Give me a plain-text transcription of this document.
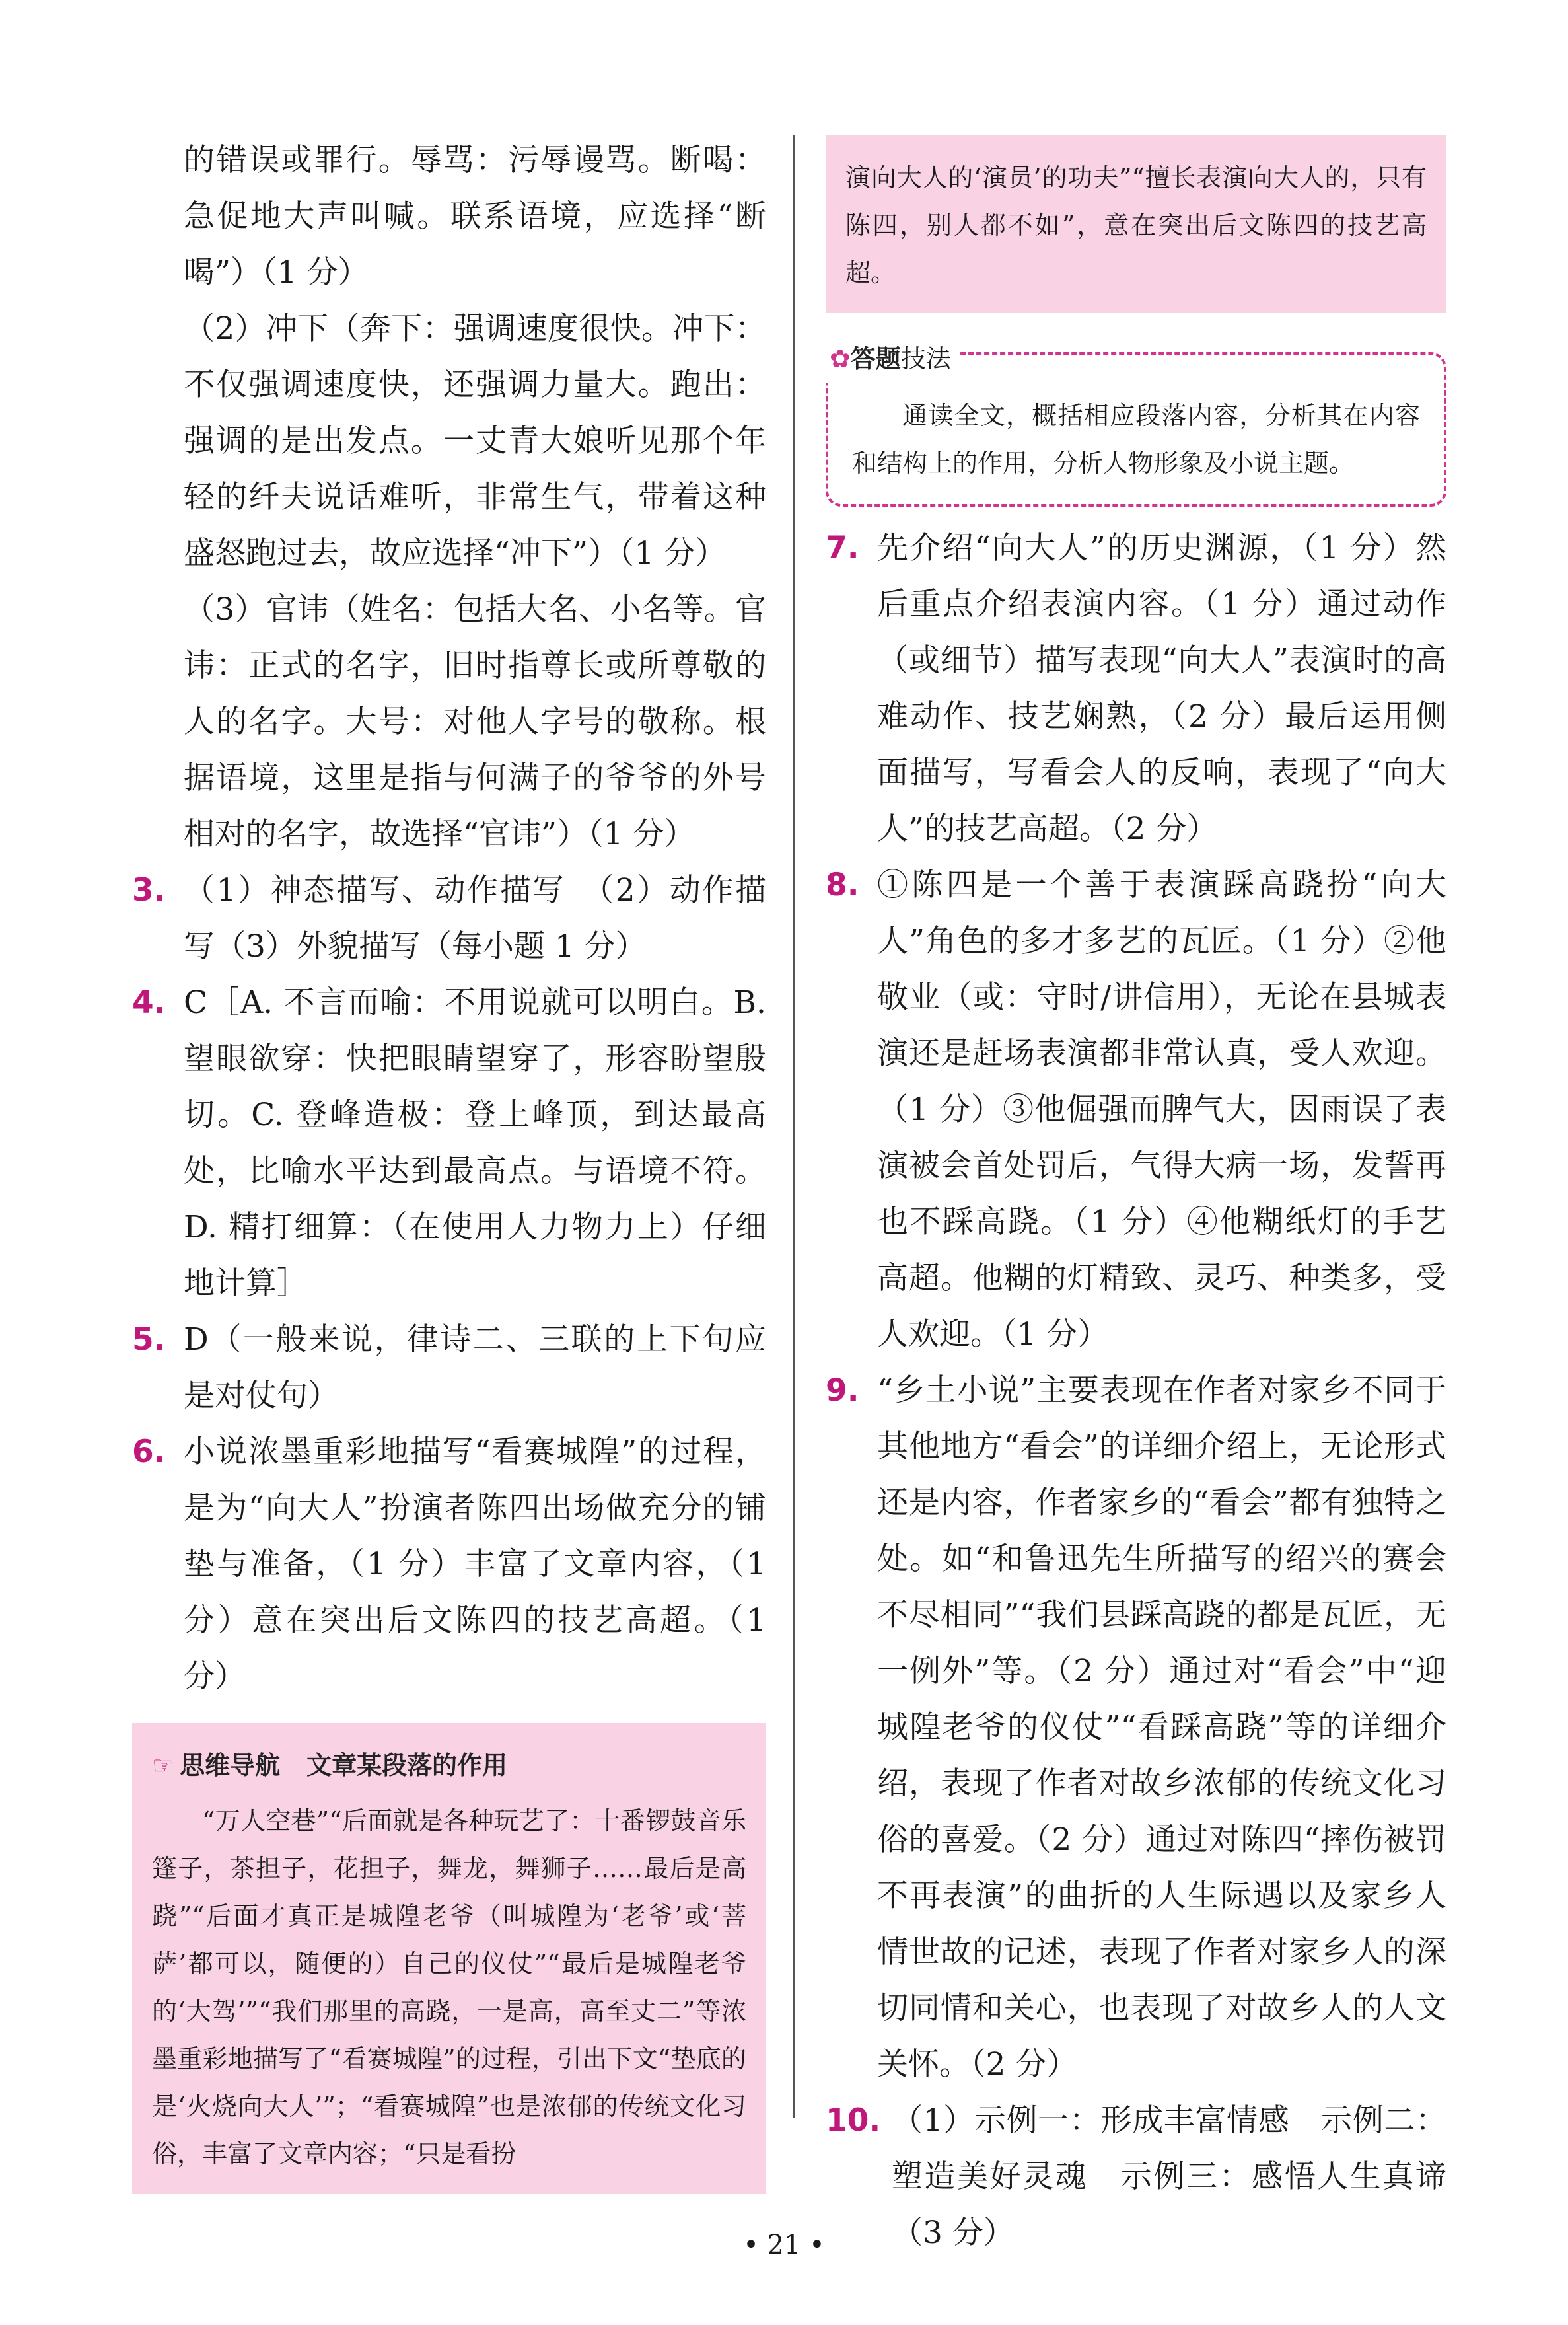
的错误或罪行。辱骂：污辱谩骂。断喝：急促地大声叫喊。联系语境，应选择“断喝”）（1 分）

（2）冲下（奔下：强调速度很快。冲下：不仅强调速度快，还强调力量大。跑出：强调的是出发点。一丈青大娘听见那个年轻的纤夫说话难听，非常生气，带着这种盛怒跑过去，故应选择“冲下”）（1 分）

（3）官讳（姓名：包括大名、小名等。官讳：正式的名字，旧时指尊长或所尊敬的人的名字。大号：对他人字号的敬称。根据语境，这里是指与何满子的爷爷的外号相对的名字，故选择“官讳”）（1 分）

3. （1）神态描写、动作描写　（2）动作描写（3）外貌描写（每小题 1 分）
4. C［A. 不言而喻：不用说就可以明白。B. 望眼欲穿：快把眼睛望穿了，形容盼望殷切。C. 登峰造极：登上峰顶，到达最高处，比喻水平达到最高点。与语境不符。D. 精打细算：（在使用人力物力上）仔细地计算］
5. D（一般来说，律诗二、三联的上下句应是对仗句）
6. 小说浓墨重彩地描写“看赛城隍”的过程，是为“向大人”扮演者陈四出场做充分的铺垫与准备，（1 分）丰富了文章内容，（1 分）意在突出后文陈四的技艺高超。（1 分）
☞ 思维导航 文章某段落的作用

“万人空巷”“后面就是各种玩艺了：十番锣鼓音乐篷子，茶担子，花担子，舞龙，舞狮子……最后是高跷”“后面才真正是城隍老爷（叫城隍为‘老爷’或‘菩萨’都可以，随便的）自己的仪仗”“最后是城隍老爷的‘大驾’”“我们那里的高跷，一是高，高至丈二”等浓墨重彩地描写了“看赛城隍”的过程，引出下文“垫底的是‘火烧向大人’”；“看赛城隍”也是浓郁的传统文化习俗，丰富了文章内容；“只是看扮

演向大人的‘演员’的功夫”“擅长表演向大人的，只有陈四，别人都不如”，意在突出后文陈四的技艺高超。

✿答题技法

通读全文，概括相应段落内容，分析其在内容和结构上的作用，分析人物形象及小说主题。

7. 先介绍“向大人”的历史渊源，（1 分）然后重点介绍表演内容。（1 分）通过动作（或细节）描写表现“向大人”表演时的高难动作、技艺娴熟，（2 分）最后运用侧面描写，写看会人的反响，表现了“向大人”的技艺高超。（2 分）
8. ①陈四是一个善于表演踩高跷扮“向大人”角色的多才多艺的瓦匠。（1 分）②他敬业（或：守时/讲信用），无论在县城表演还是赶场表演都非常认真，受人欢迎。（1 分）③他倔强而脾气大，因雨误了表演被会首处罚后，气得大病一场，发誓再也不踩高跷。（1 分）④他糊纸灯的手艺高超。他糊的灯精致、灵巧、种类多，受人欢迎。（1 分）
9. “乡土小说”主要表现在作者对家乡不同于其他地方“看会”的详细介绍上，无论形式还是内容，作者家乡的“看会”都有独特之处。如“和鲁迅先生所描写的绍兴的赛会不尽相同”“我们县踩高跷的都是瓦匠，无一例外”等。（2 分）通过对“看会”中“迎城隍老爷的仪仗”“看踩高跷”等的详细介绍，表现了作者对故乡浓郁的传统文化习俗的喜爱。（2 分）通过对陈四“摔伤被罚不再表演”的曲折的人生际遇以及家乡人情世故的记述，表现了作者对家乡人的深切同情和关心，也表现了对故乡人的人文关怀。（2 分）
10. （1）示例一：形成丰富情感　示例二：塑造美好灵魂　示例三：感悟人生真谛（3 分）
• 21 •
